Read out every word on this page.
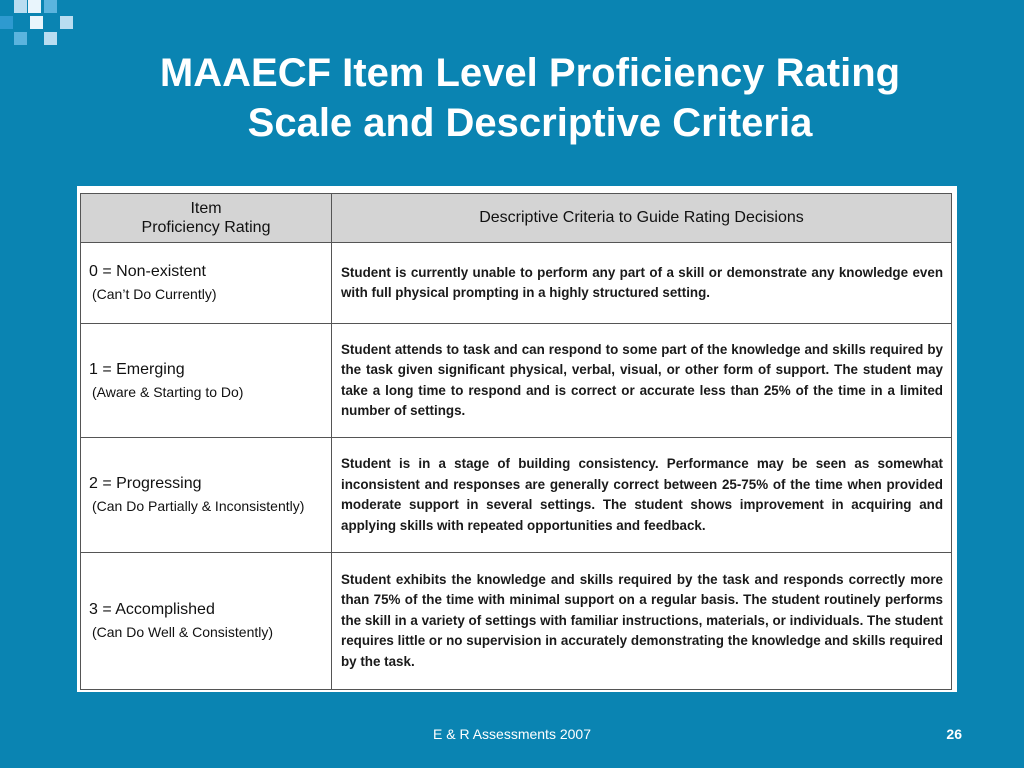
MAAECF Item Level Proficiency Rating
Scale and Descriptive Criteria
Item
Proficiency Rating	Descriptive Criteria to Guide Rating Decisions

0 = Non-existent
(Can’t Do Currently)	Student is currently unable to perform any part of a skill or demonstrate any knowledge even with full physical prompting in a highly structured setting.

1 = Emerging
(Aware & Starting to Do)	Student attends to task and can respond to some part of the knowledge and skills required by the task given significant physical, verbal, visual, or other form of support. The student may take a long time to respond and is correct or accurate less than 25% of the time in a limited number of settings.

2 = Progressing
(Can Do Partially & Inconsistently)	Student is in a stage of building consistency. Performance may be seen as somewhat inconsistent and responses are generally correct between 25-75% of the time when provided moderate support in several settings. The student shows improvement in acquiring and applying skills with repeated opportunities and feedback.

3 = Accomplished
(Can Do Well & Consistently)	Student exhibits the knowledge and skills required by the task and responds correctly more than 75% of the time with minimal support on a regular basis. The student routinely performs the skill in a variety of settings with familiar instructions, materials, or individuals. The student requires little or no supervision in accurately demonstrating the knowledge and skills required by the task.
E & R Assessments 2007	26
